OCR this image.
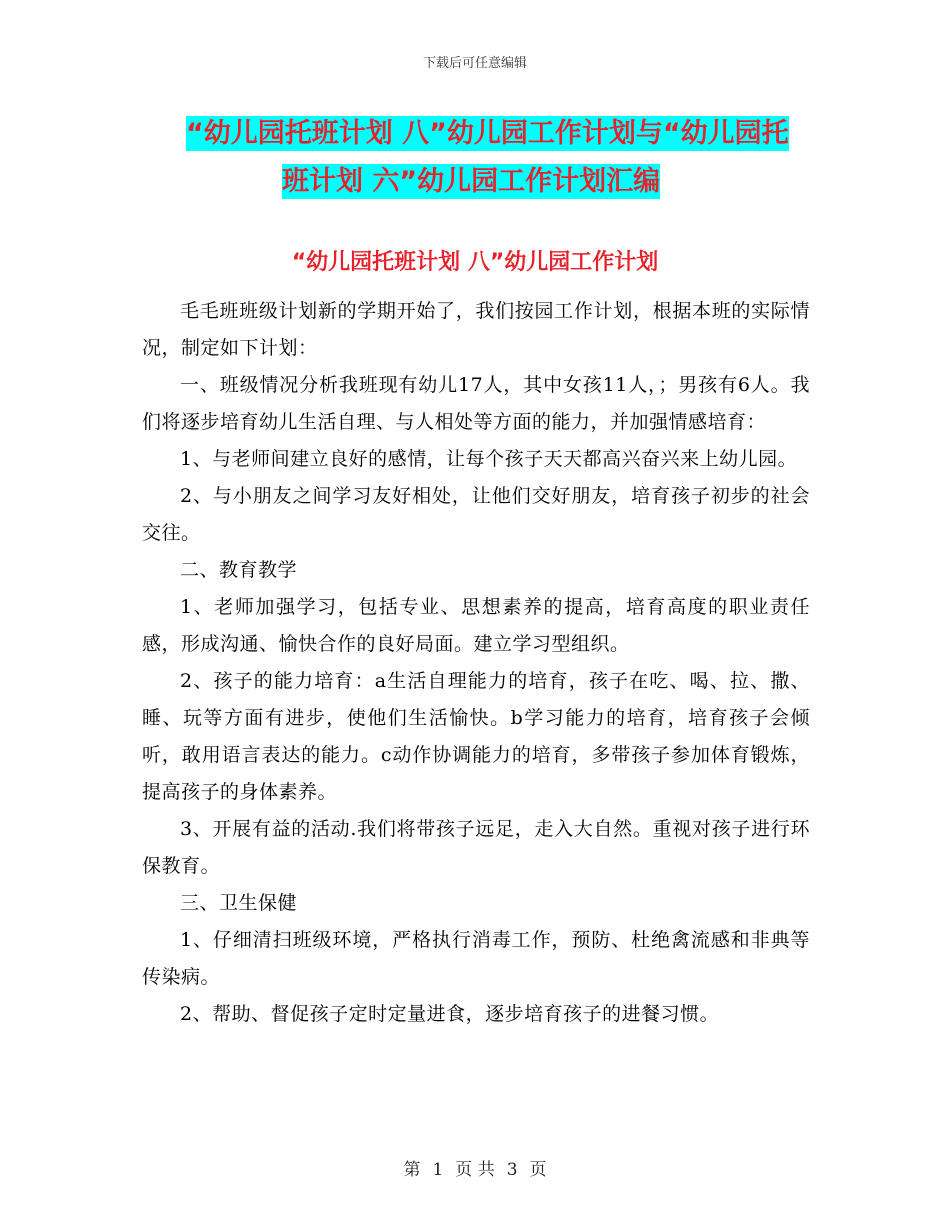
下载后可任意编辑
“幼儿园托班计划 八”幼儿园工作计划与“幼儿园托
班计划 六”幼儿园工作计划汇编
“幼儿园托班计划 八”幼儿园工作计划

毛毛班班级计划新的学期开始了，我们按园工作计划，根据本班的实际情况，制定如下计划：

一、班级情况分析我班现有幼儿17人，其中女孩11人，；男孩有6人。我们将逐步培育幼儿生活自理、与人相处等方面的能力，并加强情感培育：

1、与老师间建立良好的感情，让每个孩子天天都高兴奋兴来上幼儿园。

2、与小朋友之间学习友好相处，让他们交好朋友，培育孩子初步的社会交往。

二、教育教学

1、老师加强学习，包括专业、思想素养的提高，培育高度的职业责任感，形成沟通、愉快合作的良好局面。建立学习型组织。

2、孩子的能力培育：a生活自理能力的培育，孩子在吃、喝、拉、撒、睡、玩等方面有进步，使他们生活愉快。b学习能力的培育，培育孩子会倾听，敢用语言表达的能力。c动作协调能力的培育，多带孩子参加体育锻炼，提高孩子的身体素养。

3、开展有益的活动.我们将带孩子远足，走入大自然。重视对孩子进行环保教育。

三、卫生保健

1、仔细清扫班级环境，严格执行消毒工作，预防、杜绝禽流感和非典等传染病。

2、帮助、督促孩子定时定量进食，逐步培育孩子的进餐习惯。

第 1 页 共 3 页
